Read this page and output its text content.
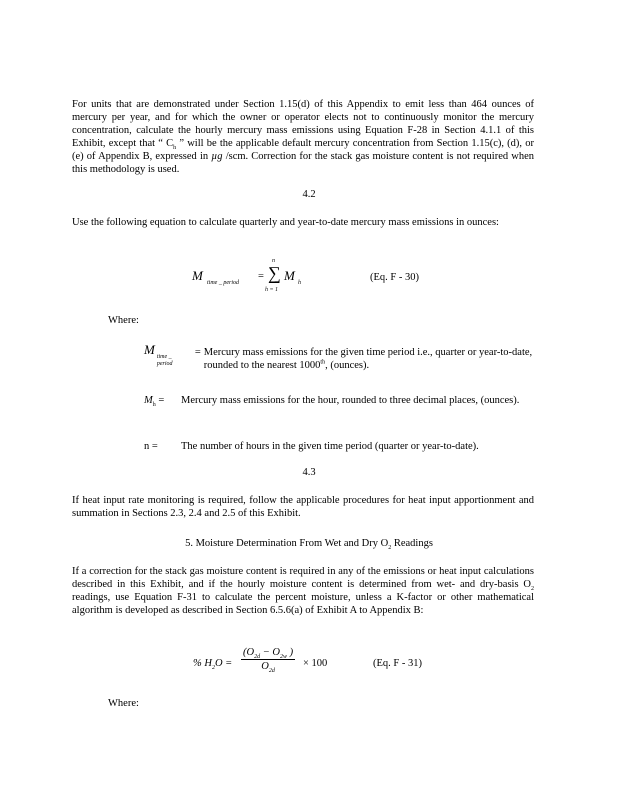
For units that are demonstrated under Section 1.15(d) of this Appendix to emit less than 464 ounces of mercury per year, and for which the owner or operator elects not to continuously monitor the mercury concentration, calculate the hourly mercury mass emissions using Equation F-28 in Section 4.1.1 of this Exhibit, except that “ $C_h$ ” will be the applicable default mercury concentration from Section 1.15(c), (d), or (e) of Appendix B, expressed in µg /scm. Correction for the stack gas moisture content is not required when this methodology is used.
4.2
Use the following equation to calculate quarterly and year-to-date mercury mass emissions in ounces:
M time _ period
=
n
∑
h = 1
M h	(Eq. F - 30)
Where:
M time _ period
= Mercury mass emissions for the given time period i.e., quarter or year-to-date, rounded to the nearest 1000th, (ounces).
$M_h$ =	Mercury mass emissions for the hour, rounded to three decimal places, (ounces).
n =	The number of hours in the given time period (quarter or year-to-date).
4.3
If heat input rate monitoring is required, follow the applicable procedures for heat input apportionment and summation in Sections 2.3, 2.4 and 2.5 of this Exhibit.
5. Moisture Determination From Wet and Dry $O_2$ Readings
If a correction for the stack gas moisture content is required in any of the emissions or heat input calculations described in this Exhibit, and if the hourly moisture content is determined from wet- and dry-basis $O_2$ readings, use Equation F-31 to calculate the percent moisture, unless a K-factor or other mathematical algorithm is developed as described in Section 6.5.6(a) of Exhibit A to Appendix B:
% $H_2O = \frac{(O_{2d} - O_{2w} )}{O_{2d}} \times 100$	(Eq. F - 31)
Where:
